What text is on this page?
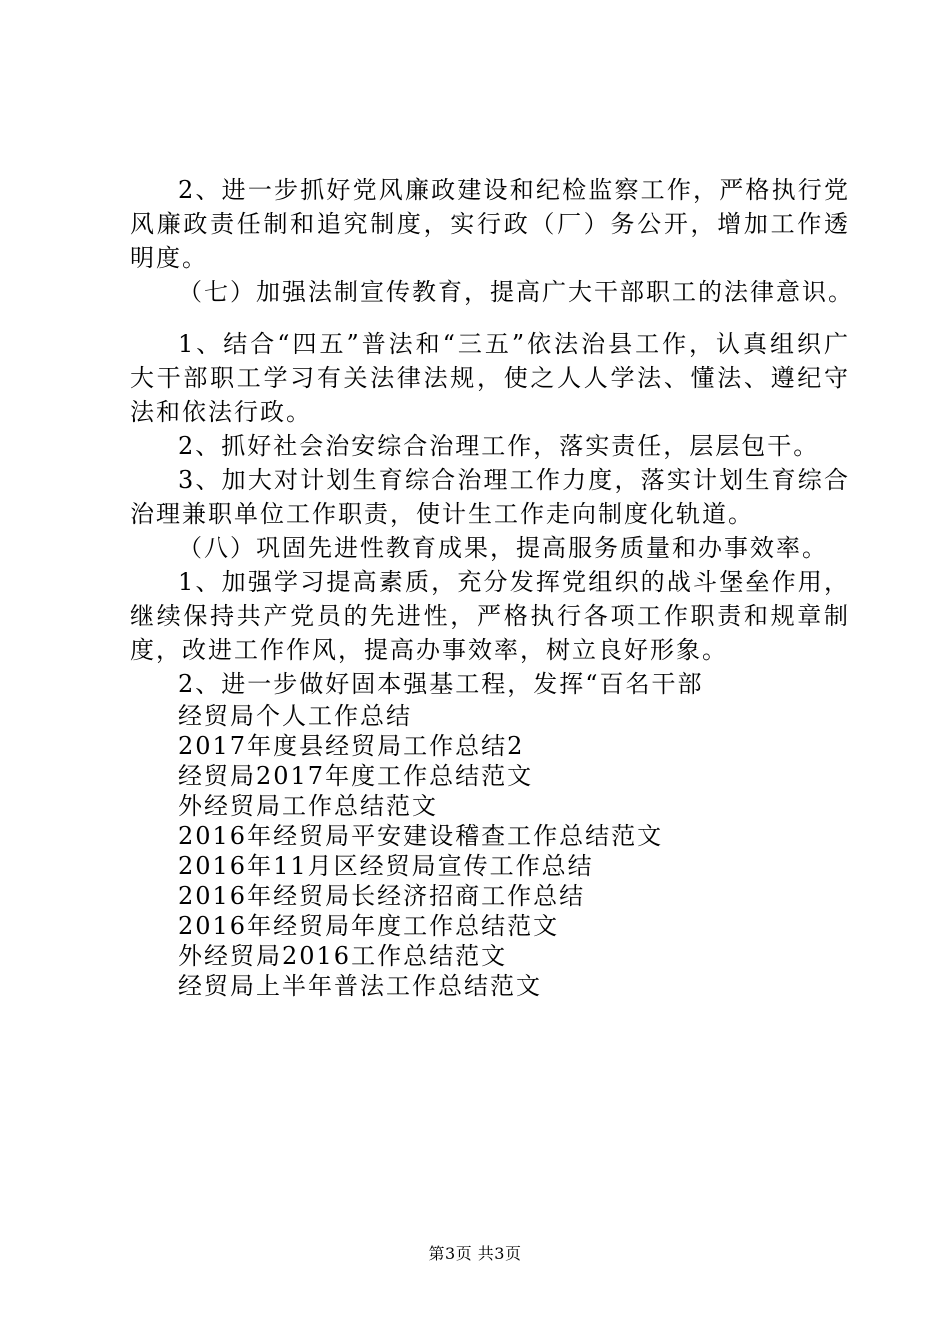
2、进一步抓好党风廉政建设和纪检监察工作，严格执行党风廉政责任制和追究制度，实行政（厂）务公开，增加工作透明度。

（七）加强法制宣传教育，提高广大干部职工的法律意识。

1、结合“四五”普法和“三五”依法治县工作，认真组织广大干部职工学习有关法律法规，使之人人学法、懂法、遵纪守法和依法行政。

2、抓好社会治安综合治理工作，落实责任，层层包干。

3、加大对计划生育综合治理工作力度，落实计划生育综合治理兼职单位工作职责，使计生工作走向制度化轨道。

（八）巩固先进性教育成果，提高服务质量和办事效率。

1、加强学习提高素质，充分发挥党组织的战斗堡垒作用，继续保持共产党员的先进性，严格执行各项工作职责和规章制度，改进工作作风，提高办事效率，树立良好形象。

2、进一步做好固本强基工程，发挥“百名干部

经贸局个人工作总结
2017年度县经贸局工作总结2
经贸局2017年度工作总结范文
外经贸局工作总结范文
2016年经贸局平安建设稽查工作总结范文
2016年11月区经贸局宣传工作总结
2016年经贸局长经济招商工作总结
2016年经贸局年度工作总结范文
外经贸局2016工作总结范文
经贸局上半年普法工作总结范文
第3页 共3页
